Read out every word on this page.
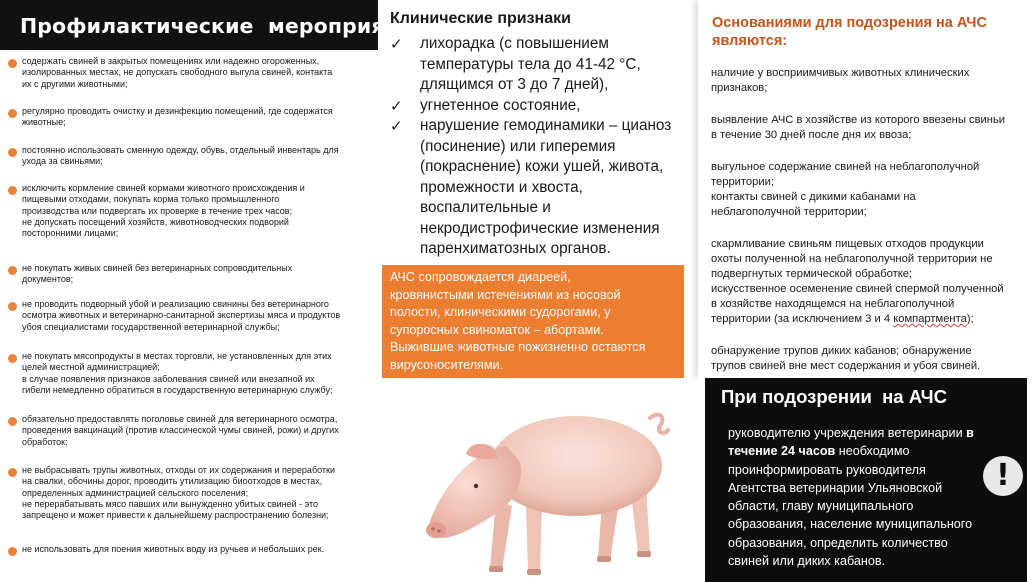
Профилактические  мероприятия:
содержать свиней в закрытых помещениях или надежно огороженных,
изолированных местах, не допускать свободного выгула свиней, контакта
их с другими животными;
регулярно проводить очистку и дезинфекцию помещений, где содержатся
животные;
постоянно использовать сменную одежду, обувь, отдельный инвентарь для
ухода за свиньями;
исключить кормление свиней кормами животного происхождения и
пищевыми отходами, покупать корма только промышленного
производства или подвергать их проверке в течение трех часов;
не допускать посещений хозяйств, животноводческих подворий
посторонними лицами;
не покупать живых свиней без ветеринарных сопроводительных
документов;
не проводить подворный убой и реализацию свинины без ветеринарного
осмотра животных и ветеринарно-санитарной экспертизы мяса и продуктов
убоя специалистами государственной ветеринарной службы;
не покупать мясопродукты в местах торговли, не установленных для этих
целей местной администрацией;
в случае появления признаков заболевания свиней или внезапной их
гибели немедленно обратиться в государственную ветеринарную службу;
обязательно предоставлять поголовье свиней для ветеринарного осмотра,
проведения вакцинаций (против классической чумы свиней, рожи) и других
обработок;
не выбрасывать трупы животных, отходы от их содержания и переработки
на свалки, обочины дорог, проводить утилизацию биоотходов в местах,
определенных администрацией сельского поселения;
не перерабатывать мясо павших или вынужденно убитых свиней - это
запрещено и может привести к дальнейшему распространению болезни;
не использовать для поения животных воду из ручьев и небольших рек.
Клинические признаки
✓ лихорадка (с повышением
температуры тела до 41-42 °С,
длящимся от 3 до 7 дней),
✓ угнетенное состояние,
✓ нарушение гемодинамики – цианоз
(посинение) или гиперемия
(покраснение) кожи ушей, живота,
промежности и хвоста,
воспалительные и
некродистрофические изменения
паренхиматозных органов.
АЧС сопровождается диареей,
кровянистыми истечениями из носовой
полости, клиническими судорогами, у
супоросных свиноматок – абортами.
Выжившие животные пожизненно остаются
вирусоносителями.
Основаниями для подозрения на АЧС
являются:
наличие у восприимчивых животных клинических
признаков;
выявление АЧС в хозяйстве из которого ввезены свиньи
в течение 30 дней после дня их ввоза;
выгульное содержание свиней на неблагополучной
территории;
контакты свиней с дикими кабанами на
неблагополучной территории;
скармливание свиньям пищевых отходов продукции
охоты полученной на неблагополучной территории не
подвергнутых термической обработке;
искусственное осеменение свиней спермой полученной
в хозяйстве находящемся на неблагополучной
территории (за исключением 3 и 4 компартмента);
обнаружение трупов диких кабанов; обнаружение
трупов свиней вне мест содержания и убоя свиней.
При подозрении  на АЧС
руководителю учреждения ветеринарии в
течение 24 часов необходимо
проинформировать руководителя
Агентства ветеринарии Ульяновской
области, главу муниципального
образования, население муниципального
образования, определить количество
свиней или диких кабанов.
!
